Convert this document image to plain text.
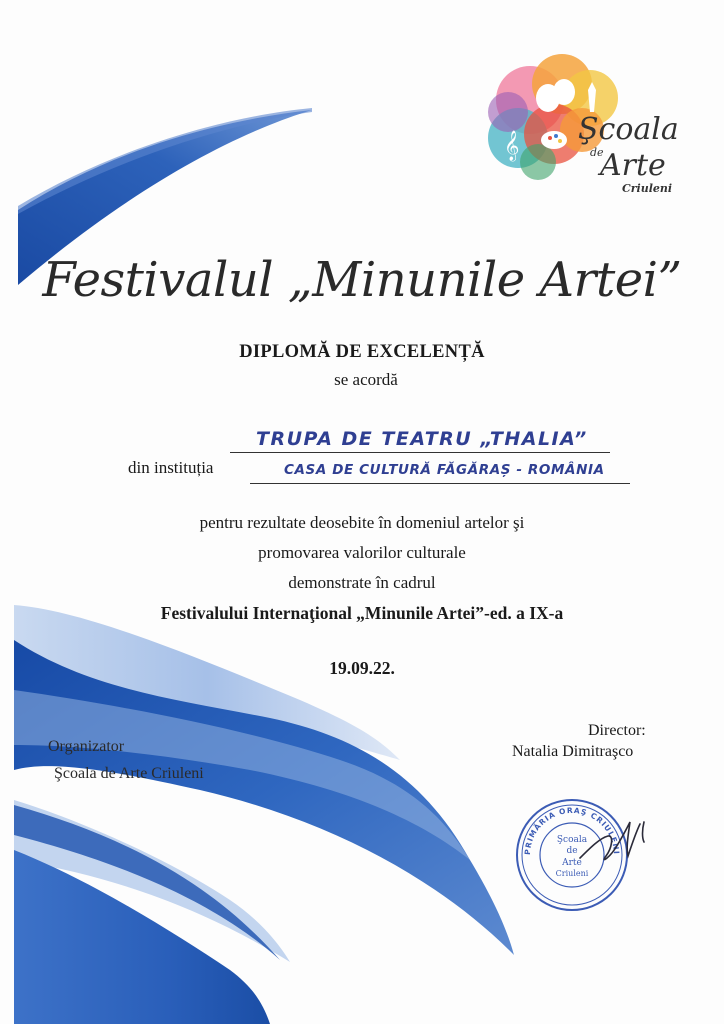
𝄞 Şcoala
de
Arte
Criuleni
Festivalul „Minunile Artei”
DIPLOMĂ DE EXCELENȚĂ
se acordă
TRUPA DE TEATRU „THALIA”
din instituția	CASA DE CULTURĂ FĂGĂRAȘ - ROMÂNIA
pentru rezultate deosebite în domeniul artelor şi
promovarea valorilor culturale
demonstrate în cadrul
Festivalului Internaţional „Minunile Artei”-ed. a IX-a
19.09.22.
Director:
Natalia Dimitraşco
Organizator
Şcoala de Arte Criuleni
PRIMĂRIA ORAŞ CRIULENI
Şcoala
de
Arte
Criuleni
